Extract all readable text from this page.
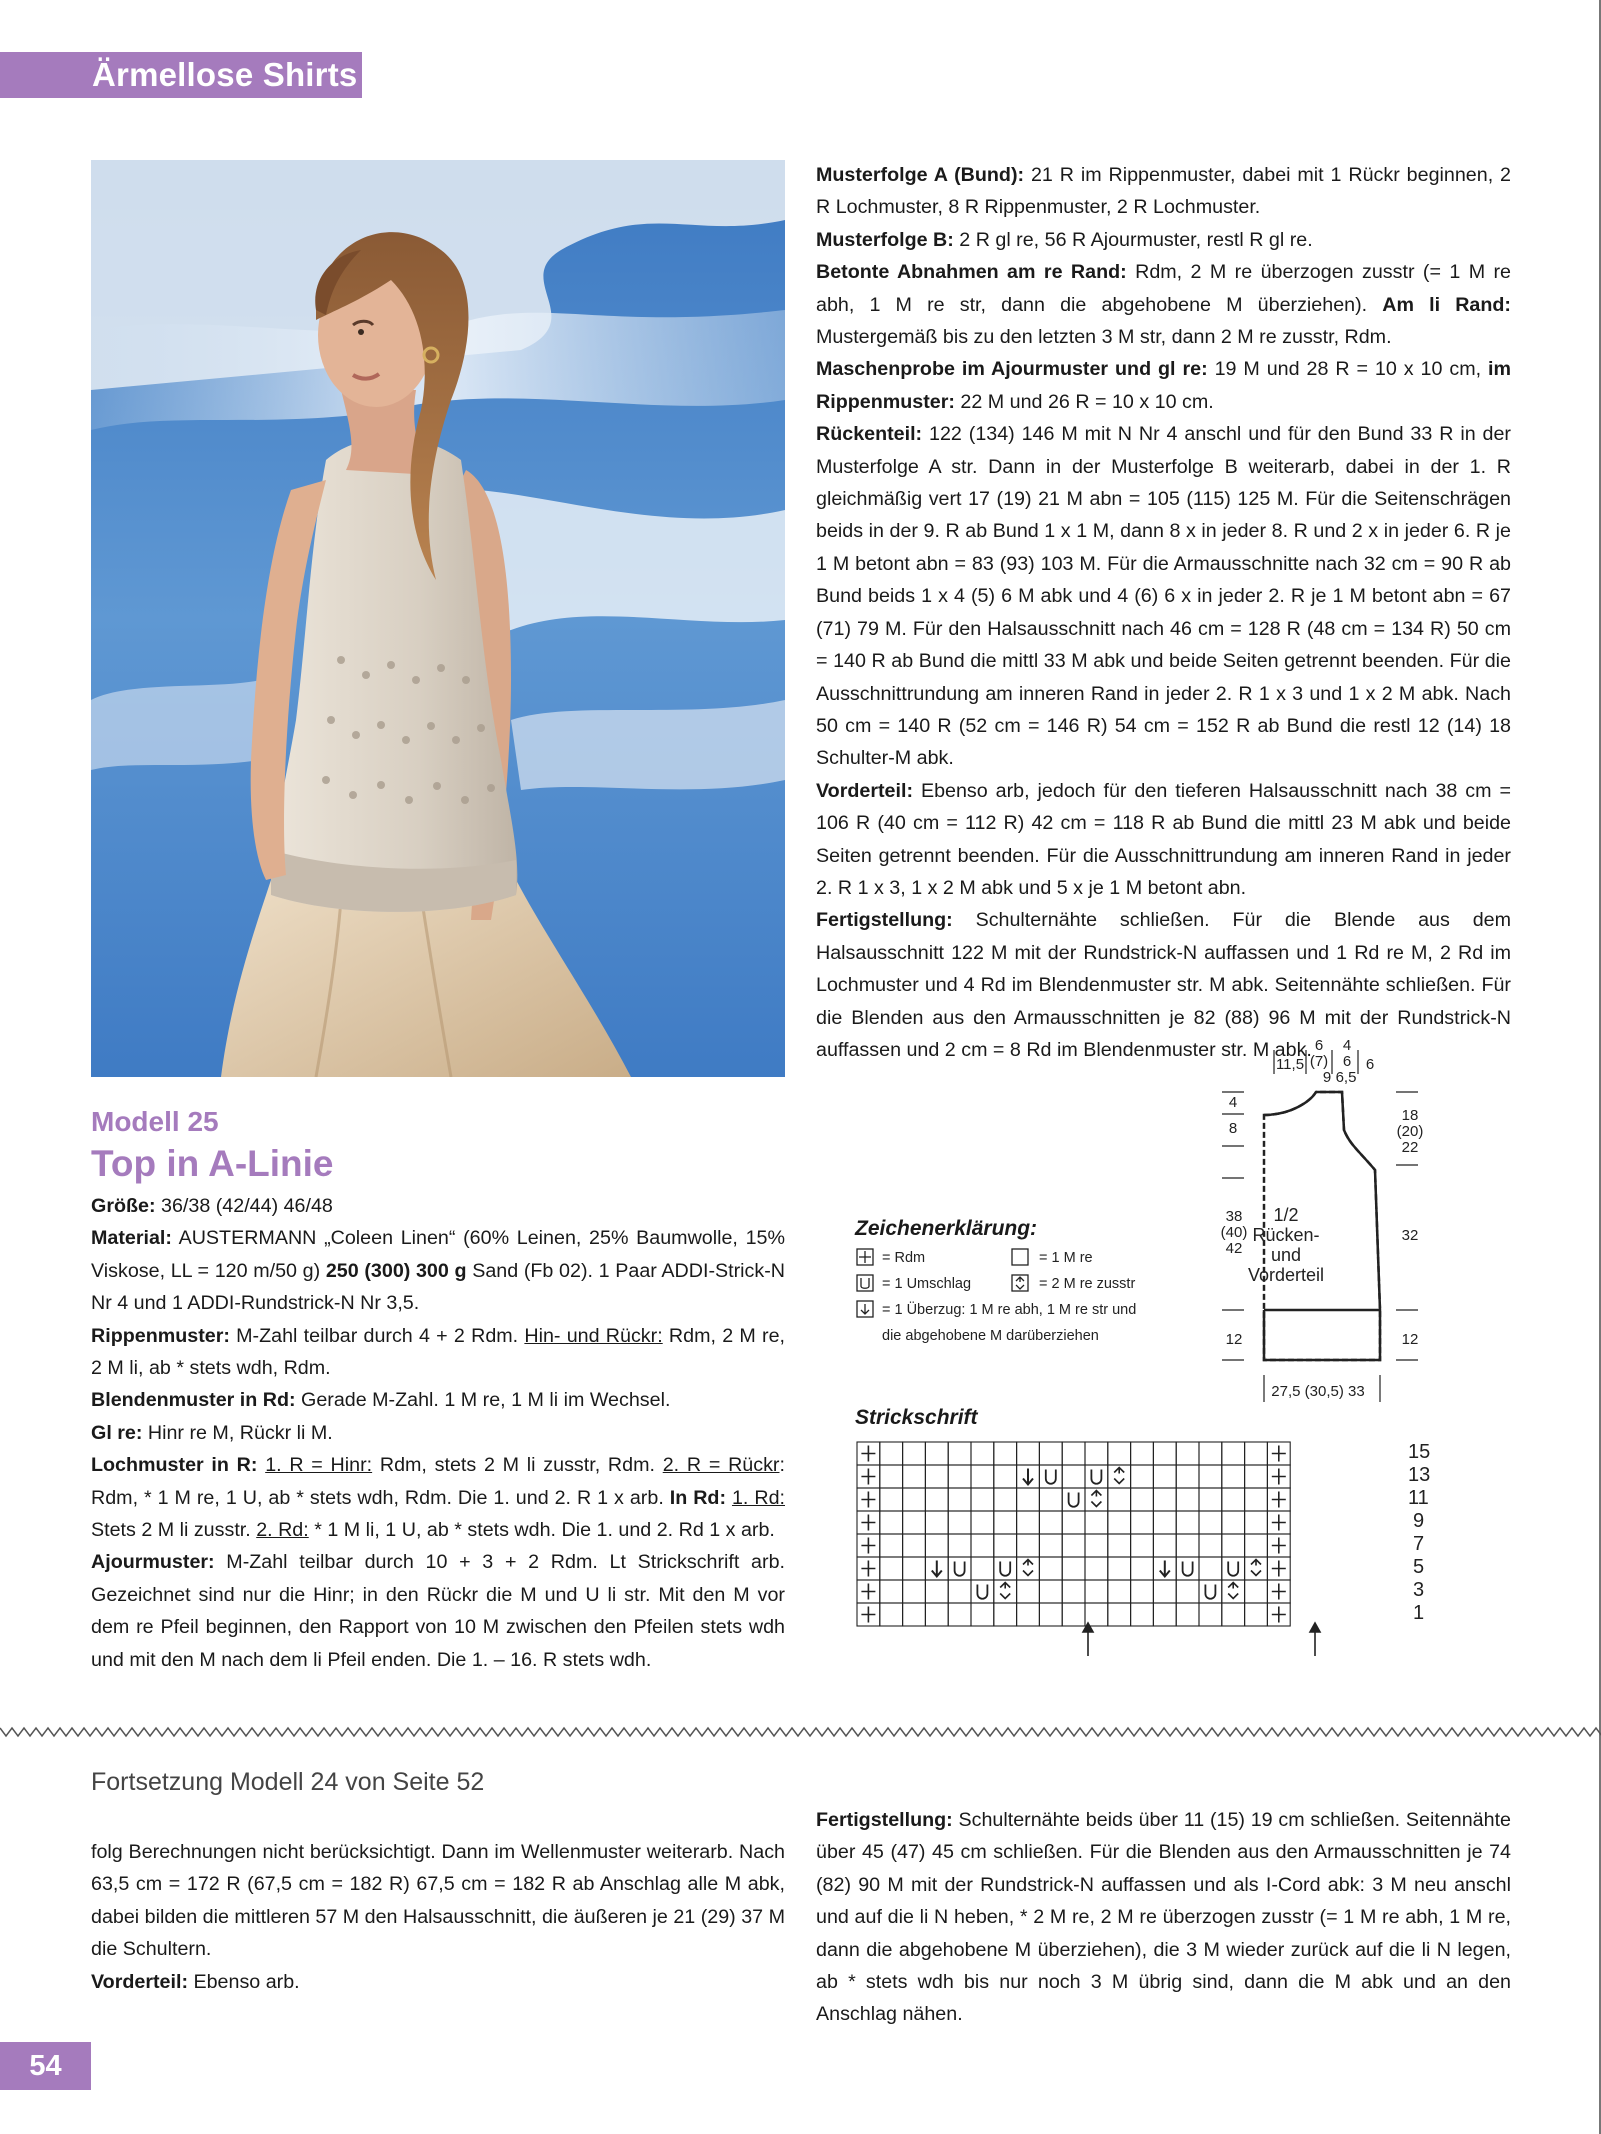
Ärmellose Shirts

Musterfolge A (Bund): 21 R im Rippenmuster, dabei mit 1 Rückr beginnen, 2 R Lochmuster, 8 R Rippenmuster, 2 R Lochmuster.

Musterfolge B: 2 R gl re, 56 R Ajourmuster, restl R gl re.

Betonte Abnahmen am re Rand: Rdm, 2 M re überzogen zusstr (= 1 M re abh, 1 M re str, dann die abgehobene M überziehen). Am li Rand: Mustergemäß bis zu den letzten 3 M str, dann 2 M re zusstr, Rdm.

Maschenprobe im Ajourmuster und gl re: 19 M und 28 R = 10 x 10 cm, im Rippenmuster: 22 M und 26 R = 10 x 10 cm.

Rückenteil: 122 (134) 146 M mit N Nr 4 anschl und für den Bund 33 R in der Musterfolge A str. Dann in der Musterfolge B weiterarb, dabei in der 1. R gleichmäßig vert 17 (19) 21 M abn = 105 (115) 125 M. Für die Seitenschrägen beids in der 9. R ab Bund 1 x 1 M, dann 8 x in jeder 8. R und 2 x in jeder 6. R je 1 M betont abn = 83 (93) 103 M. Für die Armausschnitte nach 32 cm = 90 R ab Bund beids 1 x 4 (5) 6 M abk und 4 (6) 6 x in jeder 2. R je 1 M betont abn = 67 (71) 79 M. Für den Halsausschnitt nach 46 cm = 128 R (48 cm = 134 R) 50 cm = 140 R ab Bund die mittl 33 M abk und beide Seiten getrennt beenden. Für die Ausschnittrundung am inneren Rand in jeder 2. R 1 x 3 und 1 x 2 M abk. Nach 50 cm = 140 R (52 cm = 146 R) 54 cm = 152 R ab Bund die restl 12 (14) 18 Schulter-M abk.

Vorderteil: Ebenso arb, jedoch für den tieferen Halsausschnitt nach 38 cm = 106 R (40 cm = 112 R) 42 cm = 118 R ab Bund die mittl 23 M abk und beide Seiten getrennt beenden. Für die Ausschnittrundung am inneren Rand in jeder 2. R 1 x 3, 1 x 2 M abk und 5 x je 1 M betont abn.

Fertigstellung: Schulternähte schließen. Für die Blende aus dem Halsausschnitt 122 M mit der Rundstrick-N auffassen und 1 Rd re M, 2 Rd im Lochmuster und 4 Rd im Blendenmuster str. M abk. Seitennähte schließen. Für die Blenden aus den Armausschnitten je 82 (88) 96 M mit der Rundstrick-N auffassen und 2 cm = 8 Rd im Blendenmuster str. M abk.

Modell 25
Top in A-Linie

Größe: 36/38 (42/44) 46/48

Material: AUSTERMANN „Coleen Linen“ (60% Leinen, 25% Baumwolle, 15% Viskose, LL = 120 m/50 g) 250 (300) 300 g Sand (Fb 02). 1 Paar ADDI-Strick-N Nr 4 und 1 ADDI-Rundstrick-N Nr 3,5.

Rippenmuster: M-Zahl teilbar durch 4 + 2 Rdm. Hin- und Rückr: Rdm, 2 M re, 2 M li, ab * stets wdh, Rdm.

Blendenmuster in Rd: Gerade M-Zahl. 1 M re, 1 M li im Wechsel.

Gl re: Hinr re M, Rückr li M.

Lochmuster in R: 1. R = Hinr: Rdm, stets 2 M li zusstr, Rdm. 2. R = Rückr: Rdm, * 1 M re, 1 U, ab * stets wdh, Rdm. Die 1. und 2. R 1 x arb. In Rd: 1. Rd: Stets 2 M li zusstr. 2. Rd: * 1 M li, 1 U, ab * stets wdh. Die 1. und 2. Rd 1 x arb.

Ajourmuster: M-Zahl teilbar durch 10 + 3 + 2 Rdm. Lt Strickschrift arb. Gezeichnet sind nur die Hinr; in den Rückr die M und U li str. Mit den M vor dem re Pfeil beginnen, den Rapport von 10 M zwischen den Pfeilen stets wdh und mit den M nach dem li Pfeil enden. Die 1. – 16. R stets wdh.

11,5
6
(7)
9
4
6
6,5
6
4
8
18
(20)
22
38
(40)
42
32
12	12
27,5 (30,5) 33
1/2
Rücken-
und
Vorderteil
Zeichenerklärung:
= Rdm
= 1 Umschlag
= 1 Überzug: 1 M re abh, 1 M re str und
die abgehobene M darüberziehen
= 1 M re
= 2 M re zusstr
Strickschrift
15
13
11
9
7
5
3
1
Fortsetzung Modell 24 von Seite 52

folg Berechnungen nicht berücksichtigt. Dann im Wellenmuster weiterarb. Nach 63,5 cm = 172 R (67,5 cm = 182 R) 67,5 cm = 182 R ab Anschlag alle M abk, dabei bilden die mittleren 57 M den Halsausschnitt, die äußeren je 21 (29) 37 M die Schultern.

Vorderteil: Ebenso arb.

Fertigstellung: Schulternähte beids über 11 (15) 19 cm schließen. Seitennähte über 45 (47) 45 cm schließen. Für die Blenden aus den Armausschnitten je 74 (82) 90 M mit der Rundstrick-N auffassen und als I-Cord abk: 3 M neu anschl und auf die li N heben, * 2 M re, 2 M re überzogen zusstr (= 1 M re abh, 1 M re, dann die abgehobene M überziehen), die 3 M wieder zurück auf die li N legen, ab * stets wdh bis nur noch 3 M übrig sind, dann die M abk und an den Anschlag nähen.

54
